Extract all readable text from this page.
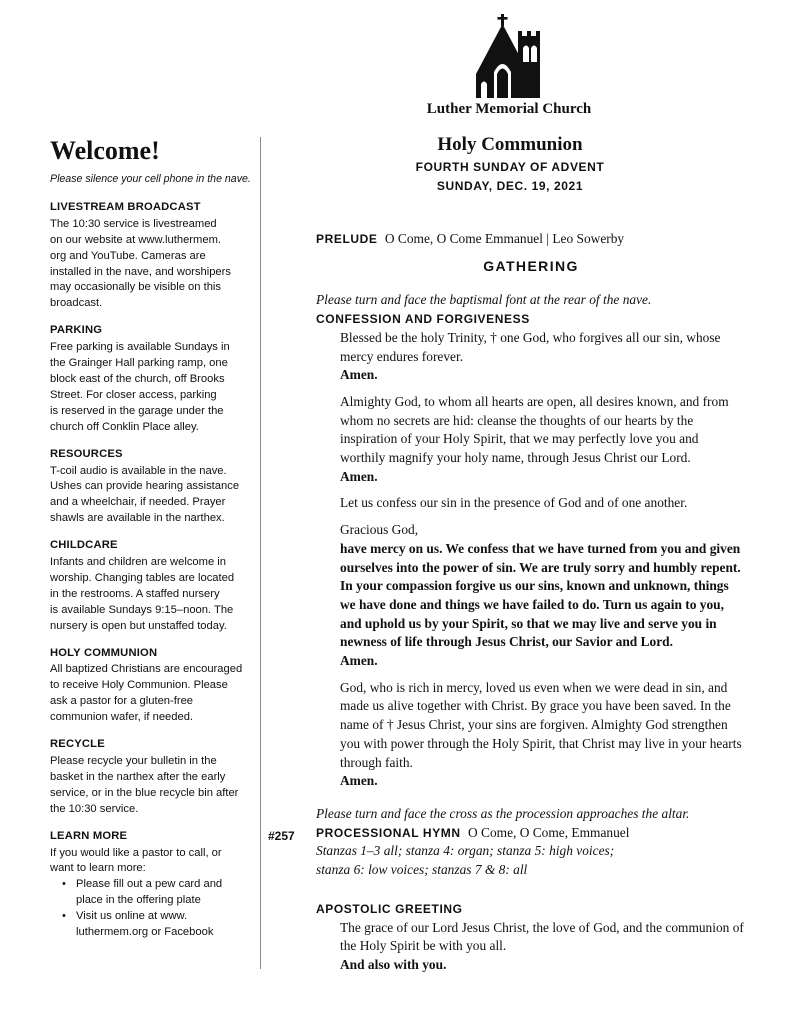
Luther Memorial Church
Welcome!
Please silence your cell phone in the nave.
LIVESTREAM BROADCAST
The 10:30 service is livestreamed
on our website at www.luthermem.
org and YouTube. Cameras are
installed in the nave, and worshipers
may occasionally be visible on this
broadcast.
PARKING
Free parking is available Sundays in
the Grainger Hall parking ramp, one
block east of the church, off Brooks
Street. For closer access, parking
is reserved in the garage under the
church off Conklin Place alley.
RESOURCES
T-coil audio is available in the nave.
Ushes can provide hearing assistance
and a wheelchair, if needed. Prayer
shawls are available in the narthex.
CHILDCARE
Infants and children are welcome in
worship. Changing tables are located
in the restrooms. A staffed nursery
is available Sundays 9:15–noon. The
nursery is open but unstaffed today.
HOLY COMMUNION
All baptized Christians are encouraged
to receive Holy Communion. Please
ask a pastor for a gluten-free
communion wafer, if needed.
RECYCLE
Please recycle your bulletin in the
basket in the narthex after the early
service, or in the blue recycle bin after
the 10:30 service.
LEARN MORE
If you would like a pastor to call, or
want to learn more:
• Please fill out a pew card and
place in the offering plate
• Visit us online at www.
luthermem.org or Facebook
Holy Communion
FOURTH SUNDAY OF ADVENT
SUNDAY, DEC. 19, 2021
#257
PRELUDE O Come, O Come Emmanuel | Leo Sowerby
GATHERING
Please turn and face the baptismal font at the rear of the nave.
CONFESSION AND FORGIVENESS
Blessed be the holy Trinity, † one God, who forgives all our sin, whose mercy endures forever.
Amen.
Almighty God, to whom all hearts are open, all desires known, and from whom no secrets are hid: cleanse the thoughts of our hearts by the inspiration of your Holy Spirit, that we may perfectly love you and worthily magnify your holy name, through Jesus Christ our Lord.
Amen.
Let us confess our sin in the presence of God and of one another.
Gracious God,
have mercy on us. We confess that we have turned from you and given ourselves into the power of sin. We are truly sorry and humbly repent. In your compassion forgive us our sins, known and unknown, things we have done and things we have failed to do. Turn us again to you, and uphold us by your Spirit, so that we may live and serve you in newness of life through Jesus Christ, our Savior and Lord.
Amen.
God, who is rich in mercy, loved us even when we were dead in sin, and made us alive together with Christ. By grace you have been saved. In the name of † Jesus Christ, your sins are forgiven. Almighty God strengthen you with power through the Holy Spirit, that Christ may live in your hearts through faith.
Amen.
Please turn and face the cross as the procession approaches the altar.
PROCESSIONAL HYMN O Come, O Come, Emmanuel
Stanzas 1–3 all; stanza 4: organ; stanza 5: high voices;
stanza 6: low voices; stanzas 7 & 8: all
APOSTOLIC GREETING
The grace of our Lord Jesus Christ, the love of God, and the communion of the Holy Spirit be with you all.
And also with you.
